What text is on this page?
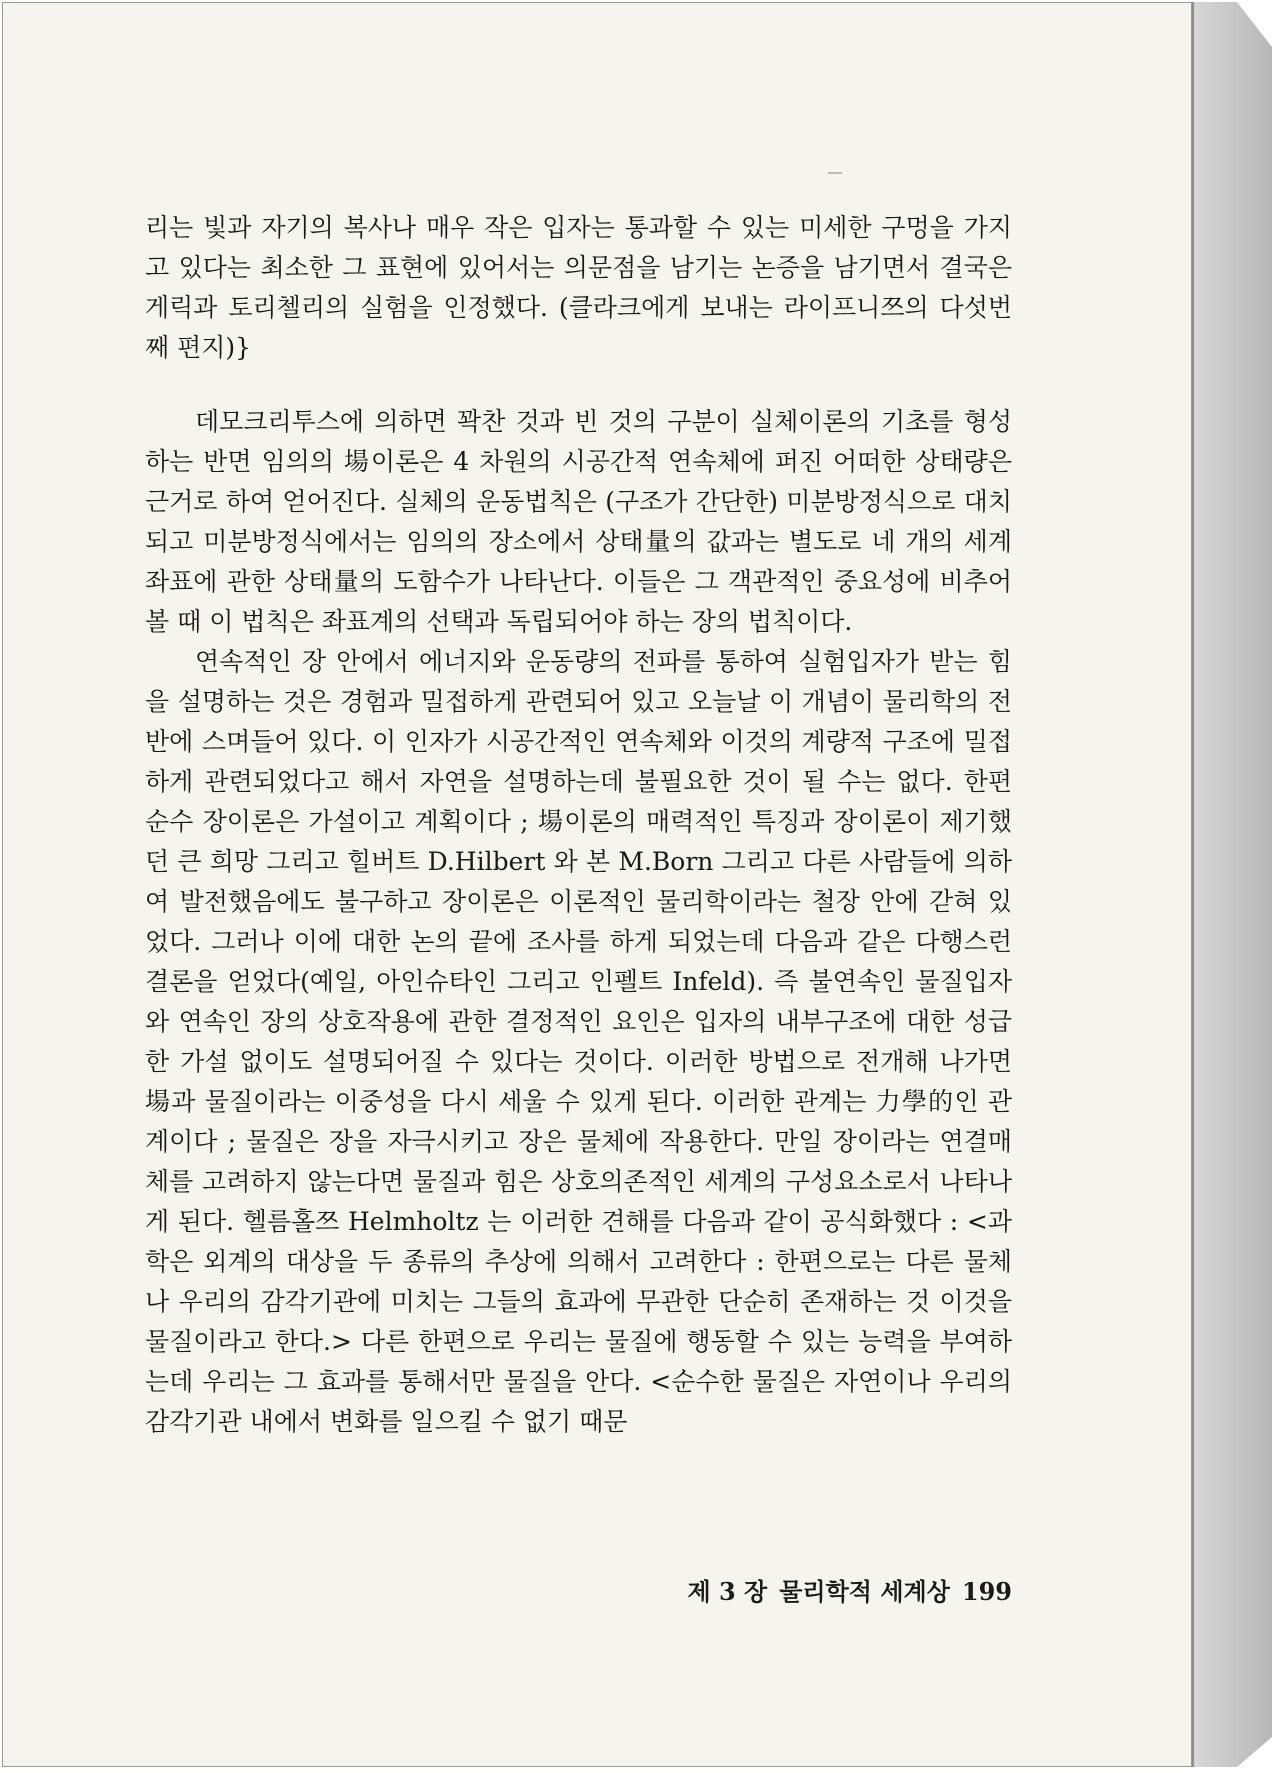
리는 빛과 자기의 복사나 매우 작은 입자는 통과할 수 있는 미세한 구멍을 가지고 있다는 최소한 그 표현에 있어서는 의문점을 남기는 논증을 남기면서 결국은 게릭과 토리첼리의 실험을 인정했다. (클라크에게 보내는 라이프니쯔의 다섯번째 편지)}

데모크리투스에 의하면 꽉찬 것과 빈 것의 구분이 실체이론의 기초를 형성하는 반면 임의의 場이론은 4 차원의 시공간적 연속체에 퍼진 어떠한 상태량은 근거로 하여 얻어진다. 실체의 운동법칙은 (구조가 간단한) 미분방정식으로 대치되고 미분방정식에서는 임의의 장소에서 상태量의 값과는 별도로 네 개의 세계좌표에 관한 상태量의 도함수가 나타난다. 이들은 그 객관적인 중요성에 비추어볼 때 이 법칙은 좌표계의 선택과 독립되어야 하는 장의 법칙이다.

연속적인 장 안에서 에너지와 운동량의 전파를 통하여 실험입자가 받는 힘을 설명하는 것은 경험과 밀접하게 관련되어 있고 오늘날 이 개념이 물리학의 전반에 스며들어 있다. 이 인자가 시공간적인 연속체와 이것의 계량적 구조에 밀접하게 관련되었다고 해서 자연을 설명하는데 불필요한 것이 될 수는 없다. 한편 순수 장이론은 가설이고 계획이다 ; 場이론의 매력적인 특징과 장이론이 제기했던 큰 희망 그리고 힐버트 D.Hilbert 와 본 M.Born 그리고 다른 사람들에 의하여 발전했음에도 불구하고 장이론은 이론적인 물리학이라는 철장 안에 갇혀 있었다. 그러나 이에 대한 논의 끝에 조사를 하게 되었는데 다음과 같은 다행스런 결론을 얻었다(예일, 아인슈타인 그리고 인펠트 Infeld). 즉 불연속인 물질입자와 연속인 장의 상호작용에 관한 결정적인 요인은 입자의 내부구조에 대한 성급한 가설 없이도 설명되어질 수 있다는 것이다. 이러한 방법으로 전개해 나가면 場과 물질이라는 이중성을 다시 세울 수 있게 된다. 이러한 관계는 力學的인 관계이다 ; 물질은 장을 자극시키고 장은 물체에 작용한다. 만일 장이라는 연결매체를 고려하지 않는다면 물질과 힘은 상호의존적인 세계의 구성요소로서 나타나게 된다. 헬름홀쯔 Helmholtz 는 이러한 견해를 다음과 같이 공식화했다 : <과학은 외계의 대상을 두 종류의 추상에 의해서 고려한다 : 한편으로는 다른 물체나 우리의 감각기관에 미치는 그들의 효과에 무관한 단순히 존재하는 것 이것을 물질이라고 한다.> 다른 한편으로 우리는 물질에 행동할 수 있는 능력을 부여하는데 우리는 그 효과를 통해서만 물질을 안다. <순수한 물질은 자연이나 우리의 감각기관 내에서 변화를 일으킬 수 없기 때문

제 3 장 물리학적 세계상 199
